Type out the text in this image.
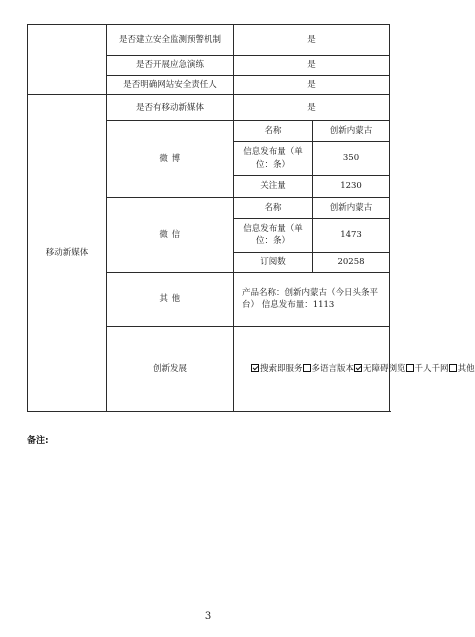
	是否建立安全监测预警机制	是	
	是否开展应急演练	是	
	是否明确网站安全责任人	是	
移动新媒体	是否有移动新媒体	是	
	微 博	名称	创新内蒙古
		信息发布量（单位：条）	350
		关注量	1230
	微 信	名称	创新内蒙古
		信息发布量（单位：条）	1473
		订阅数	20258
	其 他	产品名称：创新内蒙古（今日头条平台） 信息发布量：1113	
	创新发展	搜索即服务 多语言版本 无障碍浏览 千人千网 其他	
备注:
3
